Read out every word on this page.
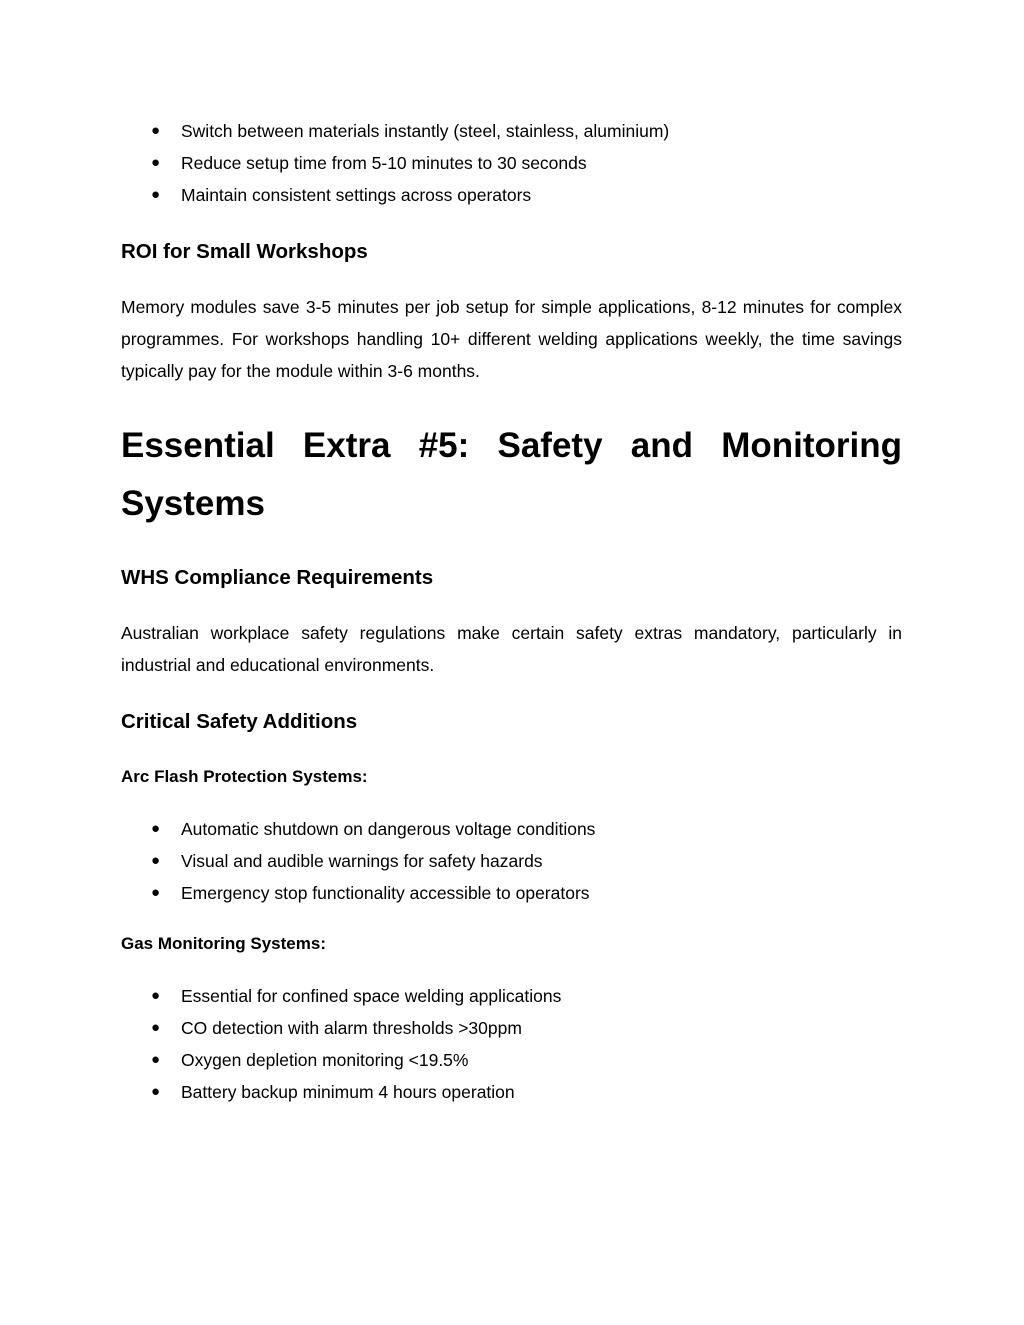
● Switch between materials instantly (steel, stainless, aluminium)
● Reduce setup time from 5-10 minutes to 30 seconds
● Maintain consistent settings across operators
ROI for Small Workshops

Memory modules save 3-5 minutes per job setup for simple applications, 8-12 minutes for complex programmes. For workshops handling 10+ different welding applications weekly, the time savings typically pay for the module within 3-6 months.

Essential Extra #5: Safety and Monitoring
Systems
WHS Compliance Requirements

Australian workplace safety regulations make certain safety extras mandatory, particularly in industrial and educational environments.

Critical Safety Additions
Arc Flash Protection Systems:
● Automatic shutdown on dangerous voltage conditions
● Visual and audible warnings for safety hazards
● Emergency stop functionality accessible to operators
Gas Monitoring Systems:
● Essential for confined space welding applications
● CO detection with alarm thresholds >30ppm
● Oxygen depletion monitoring <19.5%
● Battery backup minimum 4 hours operation
